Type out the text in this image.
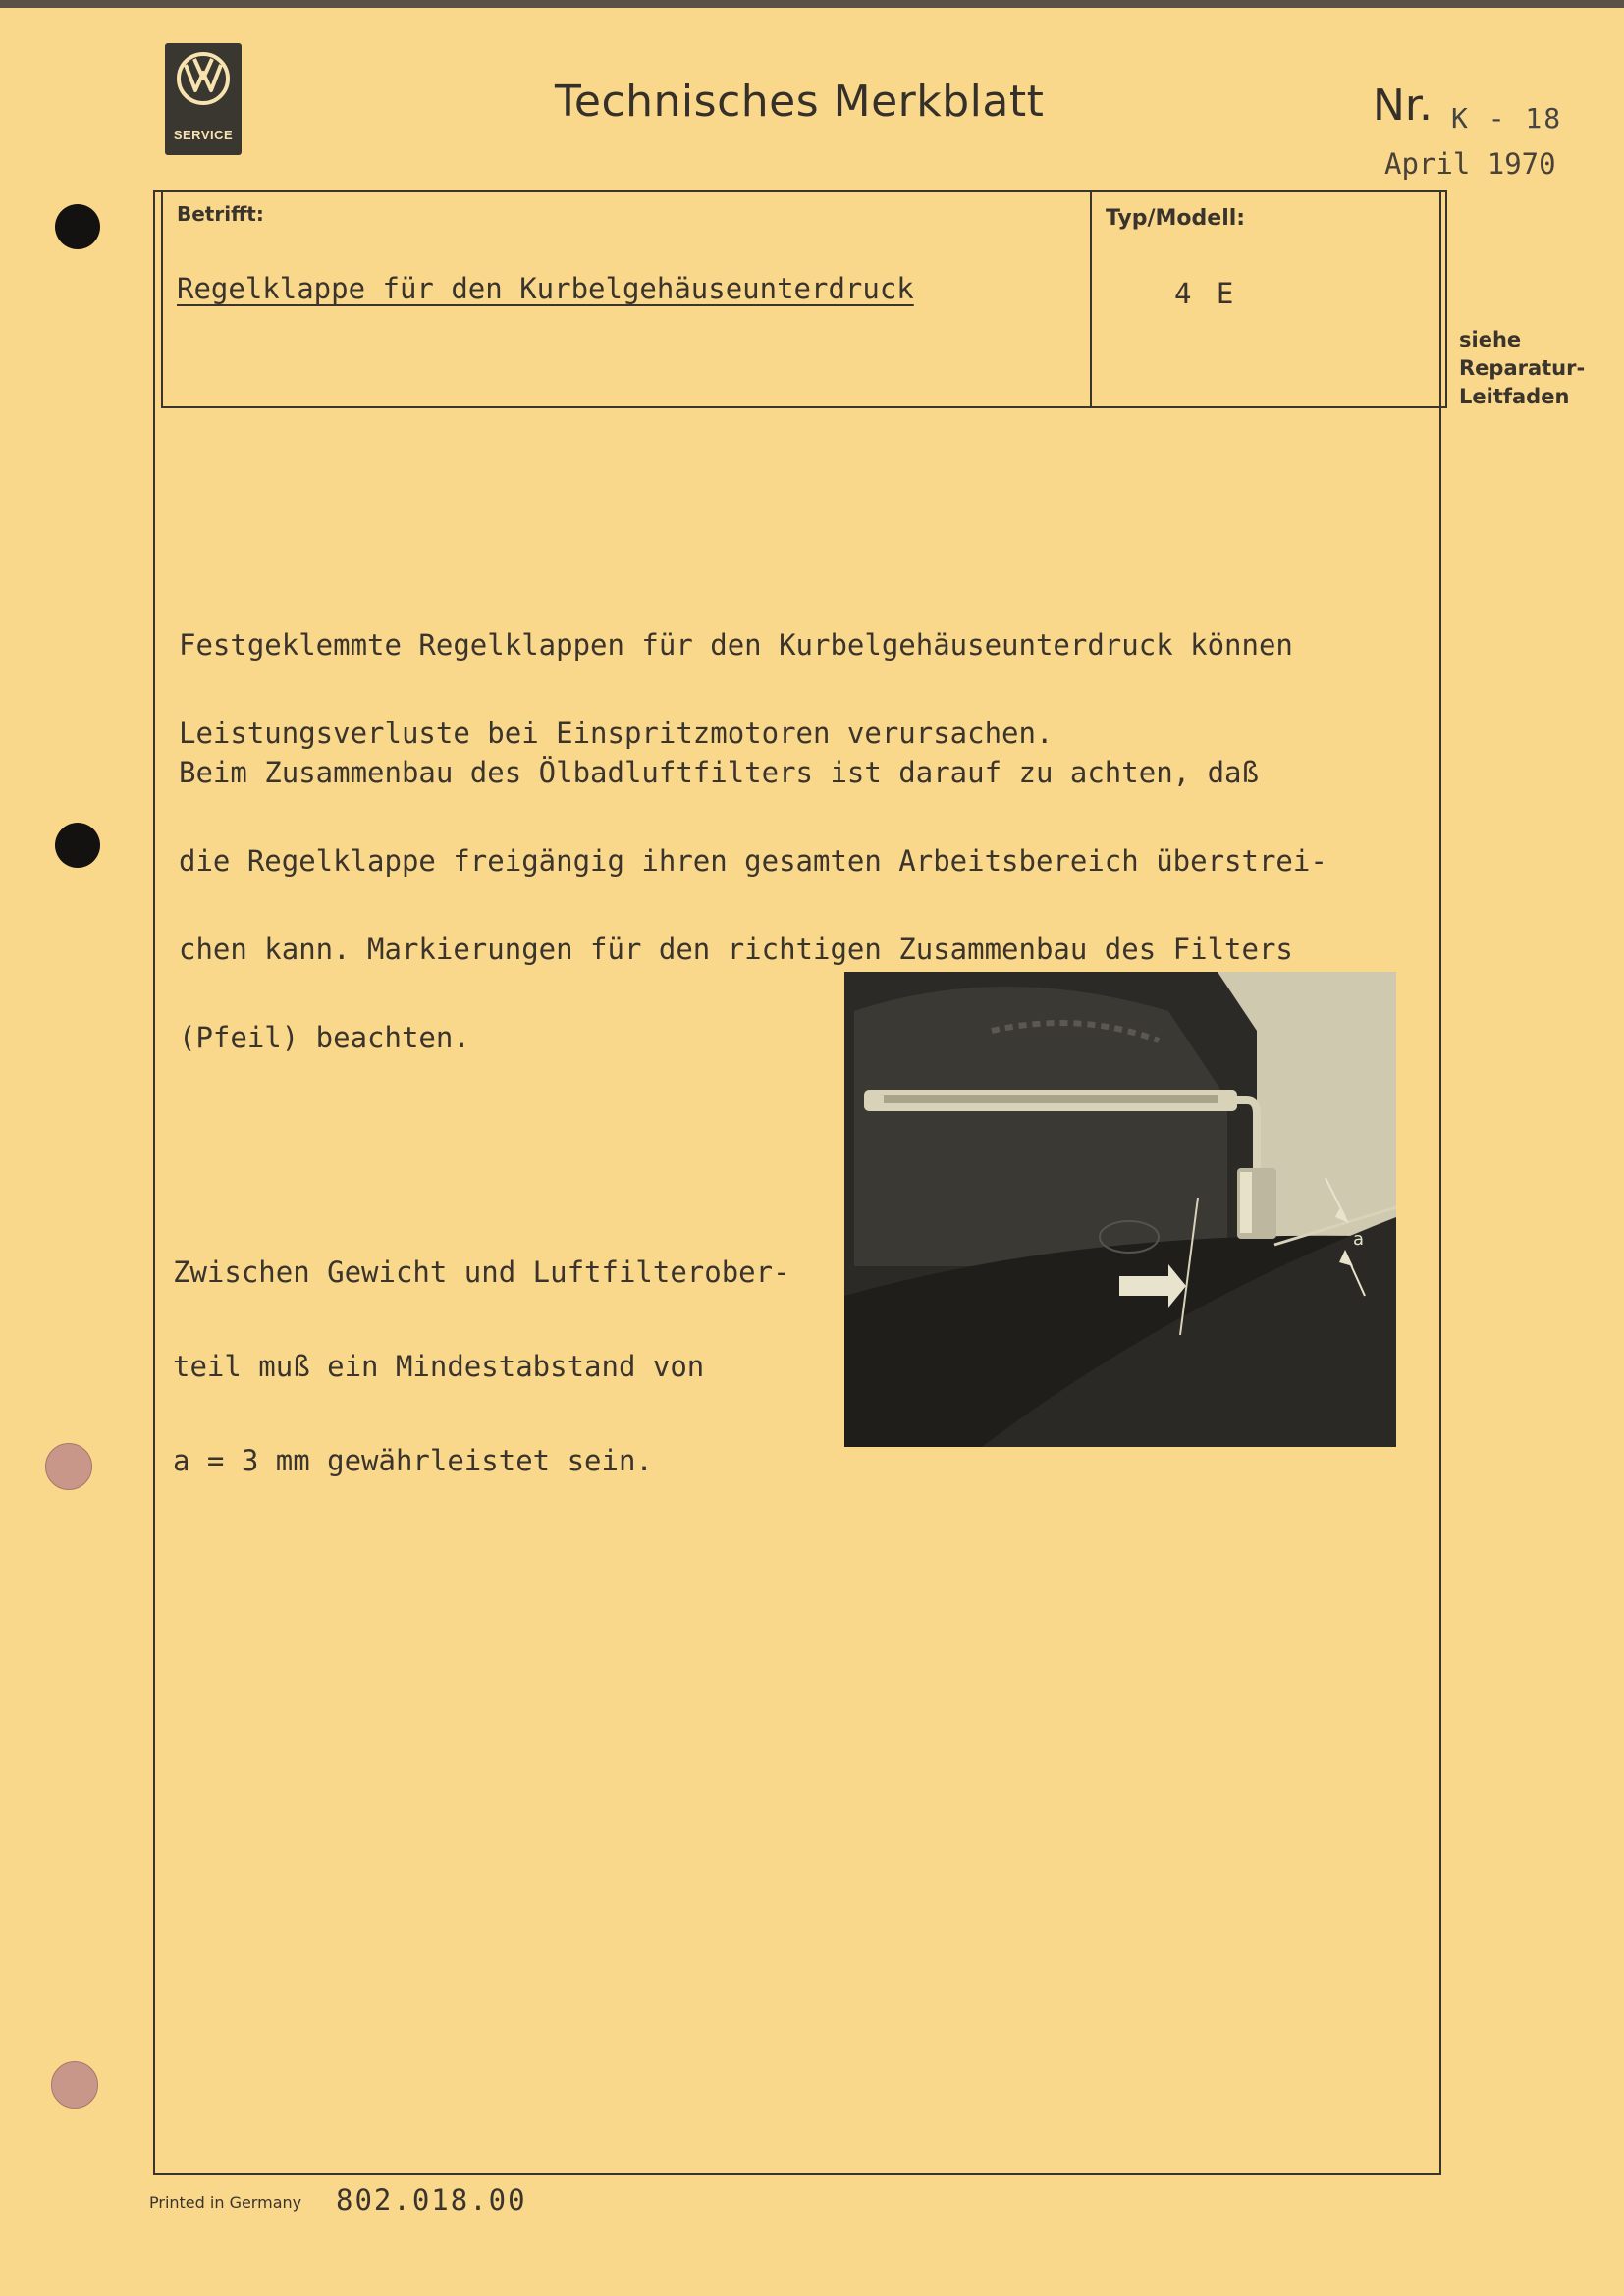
SERVICE
Technisches Merkblatt	Nr. K - 18
April 1970
Betrifft:	Typ/Modell:
Regelklappe für den Kurbelgehäuseunterdruck	4 E
siehe
Reparatur-
Leitfaden

Festgeklemmte Regelklappen für den Kurbelgehäuseunterdruck können

Leistungsverluste bei Einspritzmotoren verursachen.

Beim Zusammenbau des Ölbadluftfilters ist darauf zu achten, daß

die Regelklappe freigängig ihren gesamten Arbeitsbereich überstrei-

chen kann. Markierungen für den richtigen Zusammenbau des Filters

(Pfeil) beachten.

Zwischen Gewicht und Luftfilterober-

teil muß ein Mindestabstand von

a = 3 mm gewährleistet sein.

a
Printed in Germany 802.018.00
